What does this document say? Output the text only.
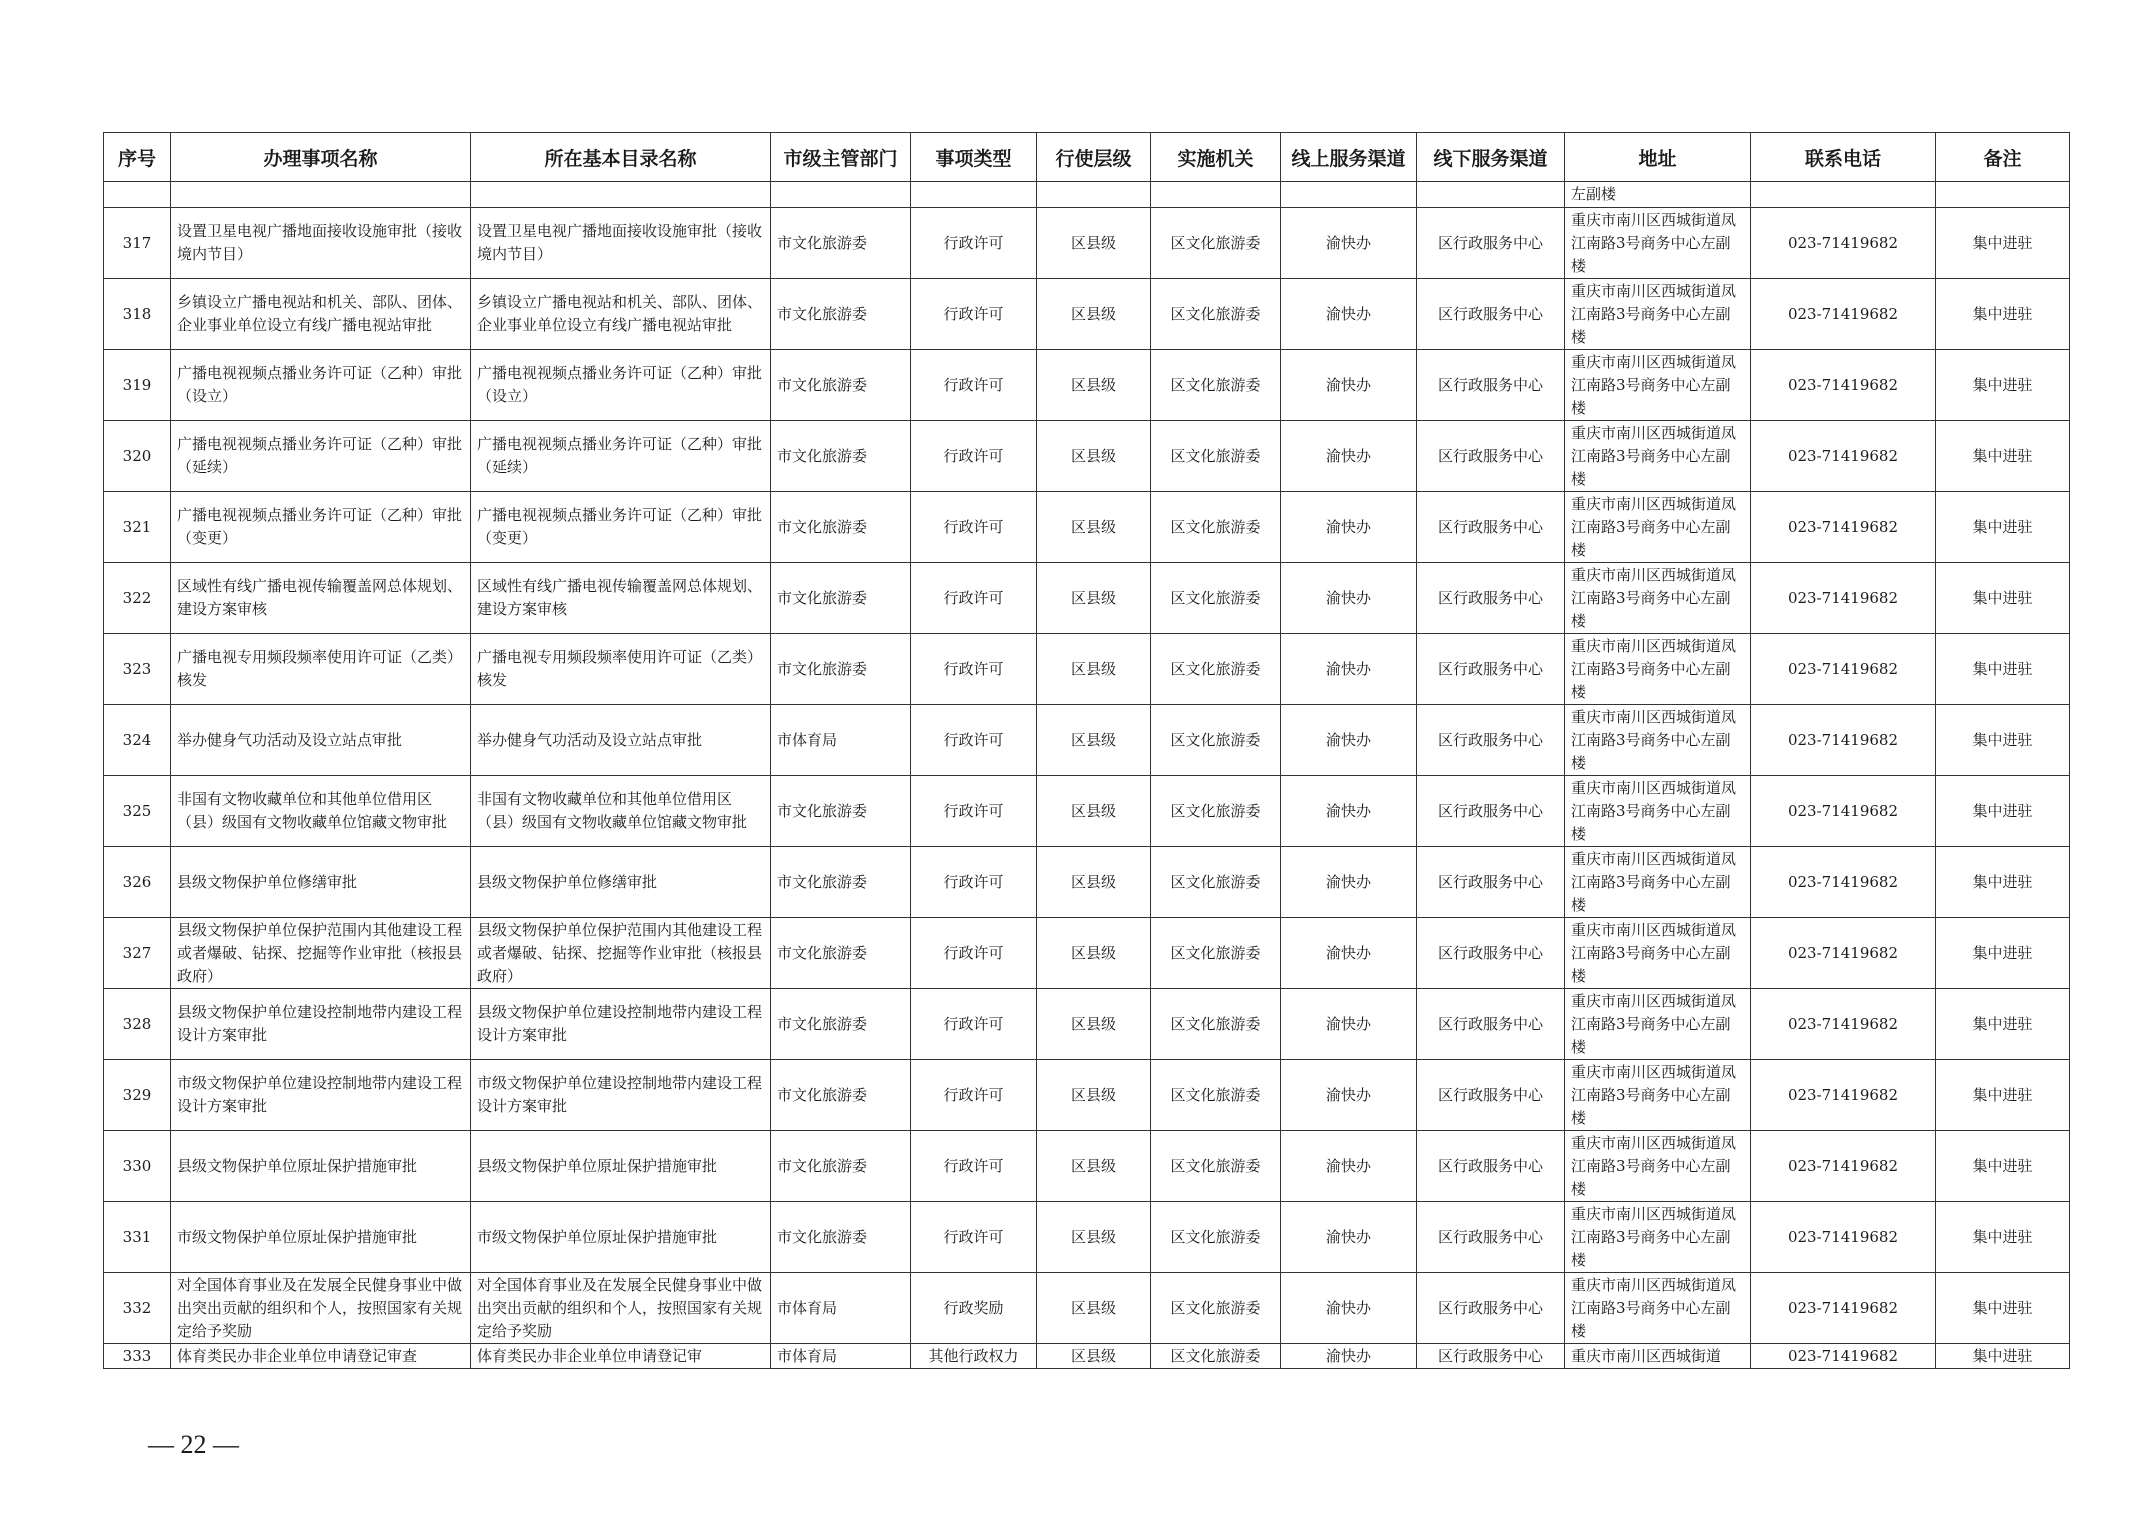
序号	办理事项名称	所在基本目录名称	市级主管部门	事项类型	行使层级	实施机关	线上服务渠道	线下服务渠道	地址	联系电话	备注
									左副楼		
317	设置卫星电视广播地面接收设施审批（接收境内节目）	设置卫星电视广播地面接收设施审批（接收境内节目）	市文化旅游委	行政许可	区县级	区文化旅游委	渝快办	区行政服务中心	重庆市南川区西城街道凤江南路3号商务中心左副楼	023-71419682	集中进驻
318	乡镇设立广播电视站和机关、部队、团体、企业事业单位设立有线广播电视站审批	乡镇设立广播电视站和机关、部队、团体、企业事业单位设立有线广播电视站审批	市文化旅游委	行政许可	区县级	区文化旅游委	渝快办	区行政服务中心	重庆市南川区西城街道凤江南路3号商务中心左副楼	023-71419682	集中进驻
319	广播电视视频点播业务许可证（乙种）审批（设立）	广播电视视频点播业务许可证（乙种）审批（设立）	市文化旅游委	行政许可	区县级	区文化旅游委	渝快办	区行政服务中心	重庆市南川区西城街道凤江南路3号商务中心左副楼	023-71419682	集中进驻
320	广播电视视频点播业务许可证（乙种）审批（延续）	广播电视视频点播业务许可证（乙种）审批（延续）	市文化旅游委	行政许可	区县级	区文化旅游委	渝快办	区行政服务中心	重庆市南川区西城街道凤江南路3号商务中心左副楼	023-71419682	集中进驻
321	广播电视视频点播业务许可证（乙种）审批（变更）	广播电视视频点播业务许可证（乙种）审批（变更）	市文化旅游委	行政许可	区县级	区文化旅游委	渝快办	区行政服务中心	重庆市南川区西城街道凤江南路3号商务中心左副楼	023-71419682	集中进驻
322	区域性有线广播电视传输覆盖网总体规划、建设方案审核	区域性有线广播电视传输覆盖网总体规划、建设方案审核	市文化旅游委	行政许可	区县级	区文化旅游委	渝快办	区行政服务中心	重庆市南川区西城街道凤江南路3号商务中心左副楼	023-71419682	集中进驻
323	广播电视专用频段频率使用许可证（乙类）核发	广播电视专用频段频率使用许可证（乙类）核发	市文化旅游委	行政许可	区县级	区文化旅游委	渝快办	区行政服务中心	重庆市南川区西城街道凤江南路3号商务中心左副楼	023-71419682	集中进驻
324	举办健身气功活动及设立站点审批	举办健身气功活动及设立站点审批	市体育局	行政许可	区县级	区文化旅游委	渝快办	区行政服务中心	重庆市南川区西城街道凤江南路3号商务中心左副楼	023-71419682	集中进驻
325	非国有文物收藏单位和其他单位借用区（县）级国有文物收藏单位馆藏文物审批	非国有文物收藏单位和其他单位借用区（县）级国有文物收藏单位馆藏文物审批	市文化旅游委	行政许可	区县级	区文化旅游委	渝快办	区行政服务中心	重庆市南川区西城街道凤江南路3号商务中心左副楼	023-71419682	集中进驻
326	县级文物保护单位修缮审批	县级文物保护单位修缮审批	市文化旅游委	行政许可	区县级	区文化旅游委	渝快办	区行政服务中心	重庆市南川区西城街道凤江南路3号商务中心左副楼	023-71419682	集中进驻
327	县级文物保护单位保护范围内其他建设工程或者爆破、钻探、挖掘等作业审批（核报县政府）	县级文物保护单位保护范围内其他建设工程或者爆破、钻探、挖掘等作业审批（核报县政府）	市文化旅游委	行政许可	区县级	区文化旅游委	渝快办	区行政服务中心	重庆市南川区西城街道凤江南路3号商务中心左副楼	023-71419682	集中进驻
328	县级文物保护单位建设控制地带内建设工程设计方案审批	县级文物保护单位建设控制地带内建设工程设计方案审批	市文化旅游委	行政许可	区县级	区文化旅游委	渝快办	区行政服务中心	重庆市南川区西城街道凤江南路3号商务中心左副楼	023-71419682	集中进驻
329	市级文物保护单位建设控制地带内建设工程设计方案审批	市级文物保护单位建设控制地带内建设工程设计方案审批	市文化旅游委	行政许可	区县级	区文化旅游委	渝快办	区行政服务中心	重庆市南川区西城街道凤江南路3号商务中心左副楼	023-71419682	集中进驻
330	县级文物保护单位原址保护措施审批	县级文物保护单位原址保护措施审批	市文化旅游委	行政许可	区县级	区文化旅游委	渝快办	区行政服务中心	重庆市南川区西城街道凤江南路3号商务中心左副楼	023-71419682	集中进驻
331	市级文物保护单位原址保护措施审批	市级文物保护单位原址保护措施审批	市文化旅游委	行政许可	区县级	区文化旅游委	渝快办	区行政服务中心	重庆市南川区西城街道凤江南路3号商务中心左副楼	023-71419682	集中进驻
332	对全国体育事业及在发展全民健身事业中做出突出贡献的组织和个人，按照国家有关规定给予奖励	对全国体育事业及在发展全民健身事业中做出突出贡献的组织和个人，按照国家有关规定给予奖励	市体育局	行政奖励	区县级	区文化旅游委	渝快办	区行政服务中心	重庆市南川区西城街道凤江南路3号商务中心左副楼	023-71419682	集中进驻
333	体育类民办非企业单位申请登记审查	体育类民办非企业单位申请登记审	市体育局	其他行政权力	区县级	区文化旅游委	渝快办	区行政服务中心	重庆市南川区西城街道	023-71419682	集中进驻
— 22 —
